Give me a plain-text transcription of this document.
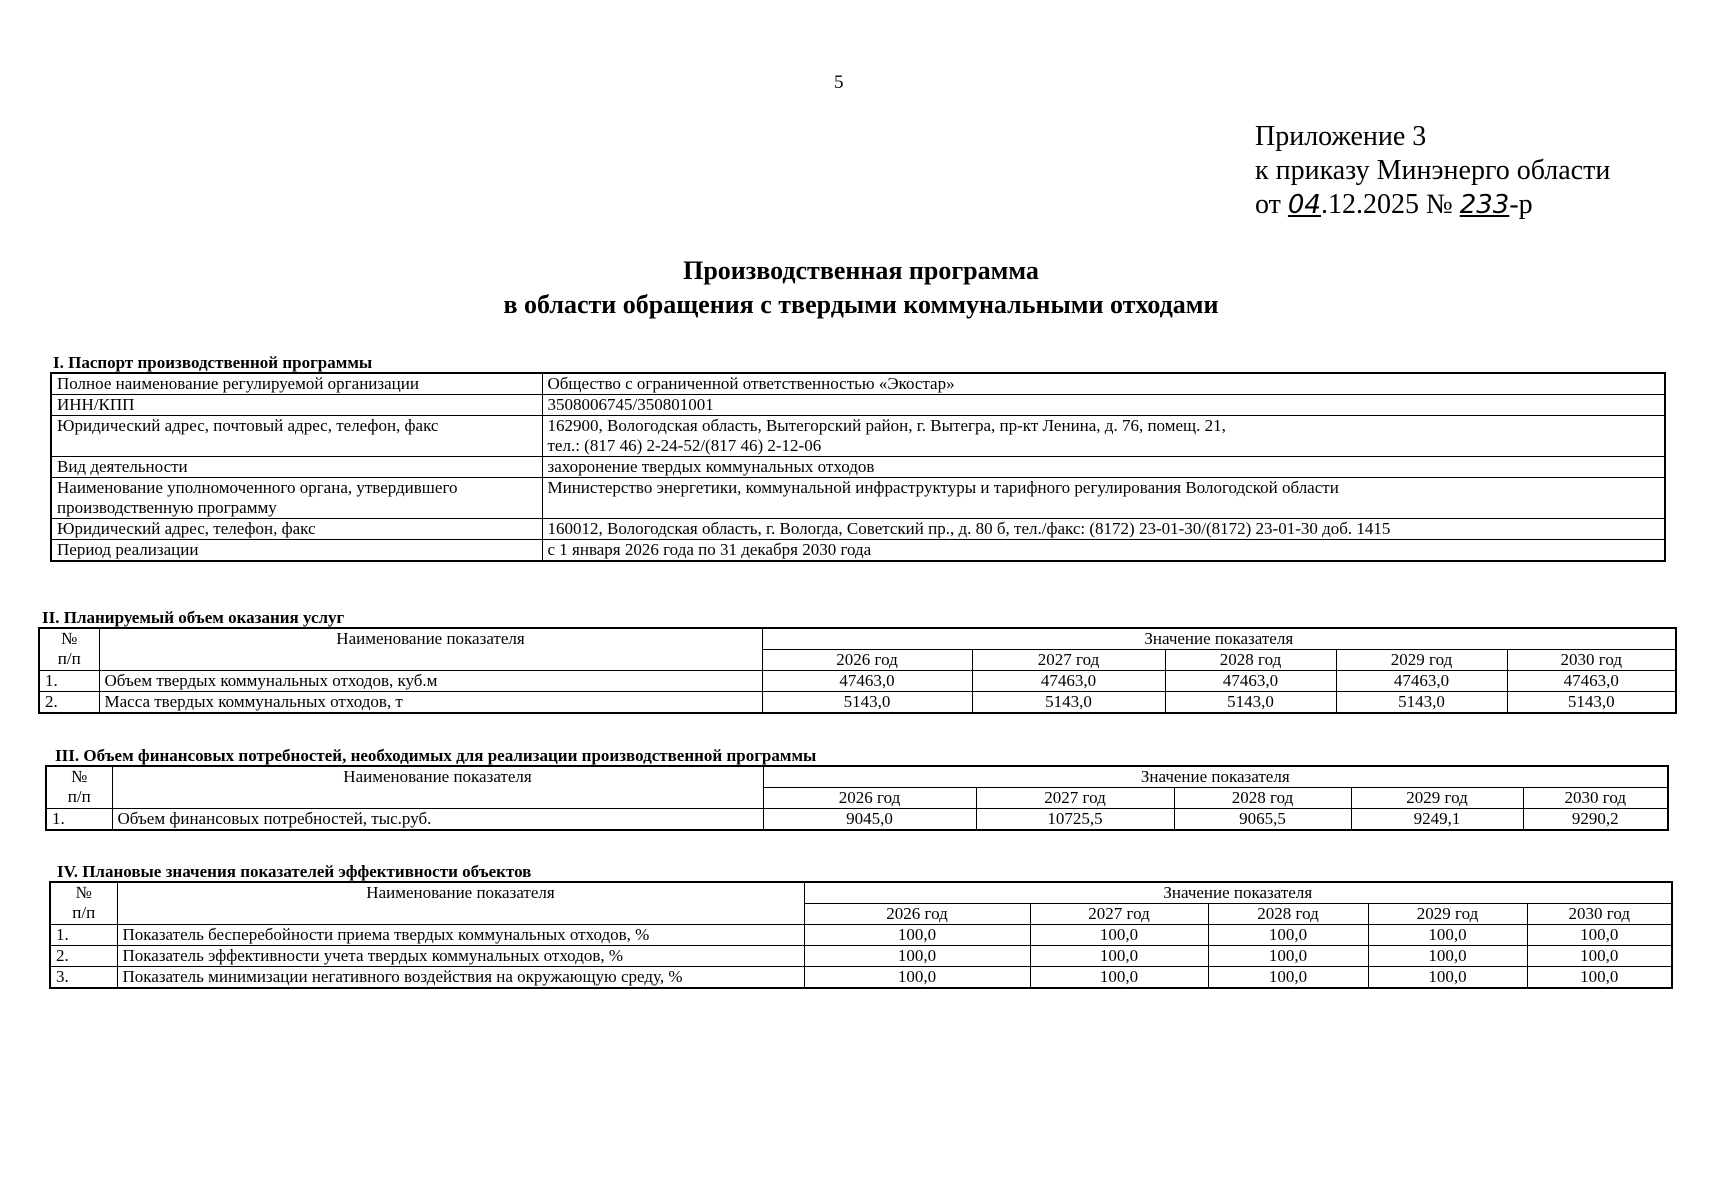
5
Приложение 3
к приказу Минэнерго области
от 04.12.2025 № 233-р
Производственная программа
в области обращения с твердыми коммунальными отходами
I. Паспорт производственной программы
Полное наименование регулируемой организации	Общество с ограниченной ответственностью «Экостар»
ИНН/КПП	3508006745/350801001
Юридический адрес, почтовый адрес, телефон, факс	162900, Вологодская область, Вытегорский район, г. Вытегра, пр-кт Ленина, д. 76, помещ. 21,
тел.: (817 46) 2-24-52/(817 46) 2-12-06

Вид деятельности	захоронение твердых коммунальных отходов

Наименование уполномоченного органа, утвердившего
производственную программу	Министерство энергетики, коммунальной инфраструктуры и тарифного регулирования Вологодской области
Юридический адрес, телефон, факс	160012, Вологодская область, г. Вологда, Советский пр., д. 80 б, тел./факс: (8172) 23-01-30/(8172) 23-01-30 доб. 1415
Период реализации	с 1 января 2026 года по 31 декабря 2030 года
II. Планируемый объем оказания услуг
№
п/п	Наименование показателя	Значение показателя				
		2026 год	2027 год	2028 год	2029 год	2030 год
1.	Объем твердых коммунальных отходов, куб.м	47463,0	47463,0	47463,0	47463,0	47463,0
2.	Масса твердых коммунальных отходов, т	5143,0	5143,0	5143,0	5143,0	5143,0
III. Объем финансовых потребностей, необходимых для реализации производственной программы
№
п/п	Наименование показателя	Значение показателя				
		2026 год	2027 год	2028 год	2029 год	2030 год
1.	Объем финансовых потребностей, тыс.руб.	9045,0	10725,5	9065,5	9249,1	9290,2
IV. Плановые значения показателей эффективности объектов
№
п/п	Наименование показателя	Значение показателя				
		2026 год	2027 год	2028 год	2029 год	2030 год
1.	Показатель бесперебойности приема твердых коммунальных отходов, %	100,0	100,0	100,0	100,0	100,0
2.	Показатель эффективности учета твердых коммунальных отходов, %	100,0	100,0	100,0	100,0	100,0
3.	Показатель минимизации негативного воздействия на окружающую среду, %	100,0	100,0	100,0	100,0	100,0
